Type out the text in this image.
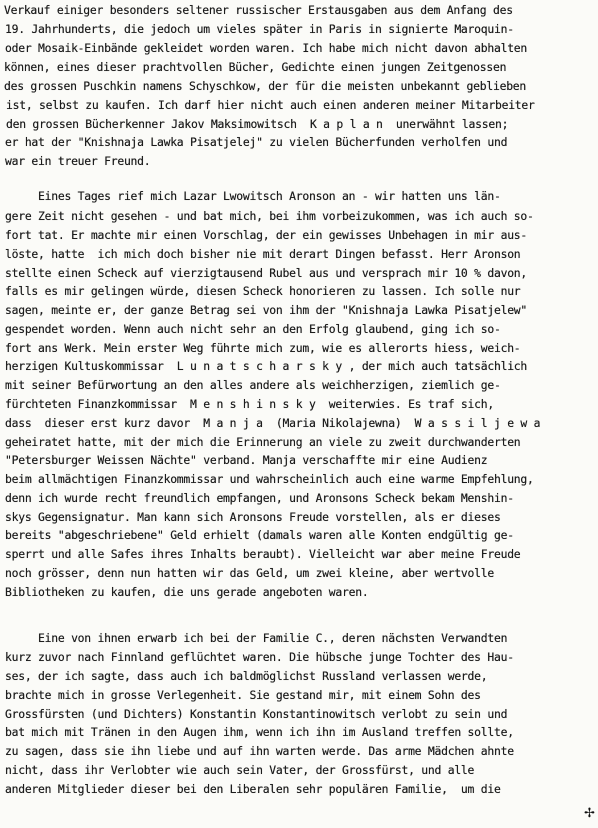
Verkauf einiger besonders seltener russischer Erstausgaben aus dem Anfang des
19. Jahrhunderts, die jedoch um vieles später in Paris in signierte Maroquin-
oder Mosaik-Einbände gekleidet worden waren. Ich habe mich nicht davon abhalten
können, eines dieser prachtvollen Bücher, Gedichte einen jungen Zeitgenossen
des grossen Puschkin namens Schyschkow, der für die meisten unbekannt geblieben
ist, selbst zu kaufen. Ich darf hier nicht auch einen anderen meiner Mitarbeiter
den grossen Bücherkenner Jakov Maksimowitsch  K a p l a n  unerwähnt lassen;
er hat der "Knishnaja Lawka Pisatjelej" zu vielen Bücherfunden verholfen und
war ein treuer Freund.
Eines Tages rief mich Lazar Lwowitsch Aronson an - wir hatten uns län-
gere Zeit nicht gesehen - und bat mich, bei ihm vorbeizukommen, was ich auch so-
fort tat. Er machte mir einen Vorschlag, der ein gewisses Unbehagen in mir aus-
löste, hatte  ich mich doch bisher nie mit derart Dingen befasst. Herr Aronson
stellte einen Scheck auf vierzigtausend Rubel aus und versprach mir 10 % davon,
falls es mir gelingen würde, diesen Scheck honorieren zu lassen. Ich solle nur
sagen, meinte er, der ganze Betrag sei von ihm der "Knishnaja Lawka Pisatjelew"
gespendet worden. Wenn auch nicht sehr an den Erfolg glaubend, ging ich so-
fort ans Werk. Mein erster Weg führte mich zum, wie es allerorts hiess, weich-
herzigen Kultuskommissar  L u n a t s c h a r s k y , der mich auch tatsächlich
mit seiner Befürwortung an den alles andere als weichherzigen, ziemlich ge-
fürchteten Finanzkommissar  M e n s h i n s k y  weiterwies. Es traf sich,
dass  dieser erst kurz davor  M a n j a  (Maria Nikolajewna)  W a s s i l j e w a
geheiratet hatte, mit der mich die Erinnerung an viele zu zweit durchwanderten
"Petersburger Weissen Nächte" verband. Manja verschaffte mir eine Audienz
beim allmächtigen Finanzkommissar und wahrscheinlich auch eine warme Empfehlung,
denn ich wurde recht freundlich empfangen, und Aronsons Scheck bekam Menshin-
skys Gegensignatur. Man kann sich Aronsons Freude vorstellen, als er dieses
bereits "abgeschriebene" Geld erhielt (damals waren alle Konten endgültig ge-
sperrt und alle Safes ihres Inhalts beraubt). Vielleicht war aber meine Freude
noch grösser, denn nun hatten wir das Geld, um zwei kleine, aber wertvolle
Bibliotheken zu kaufen, die uns gerade angeboten waren.
Eine von ihnen erwarb ich bei der Familie C., deren nächsten Verwandten
kurz zuvor nach Finnland geflüchtet waren. Die hübsche junge Tochter des Hau-
ses, der ich sagte, dass auch ich baldmöglichst Russland verlassen werde,
brachte mich in grosse Verlegenheit. Sie gestand mir, mit einem Sohn des
Grossfürsten (und Dichters) Konstantin Konstantinowitsch verlobt zu sein und
bat mich mit Tränen in den Augen ihm, wenn ich ihn im Ausland treffen sollte,
zu sagen, dass sie ihn liebe und auf ihn warten werde. Das arme Mädchen ahnte
nicht, dass ihr Verlobter wie auch sein Vater, der Grossfürst, und alle
anderen Mitglieder dieser bei den Liberalen sehr populären Familie,  um die
✢
